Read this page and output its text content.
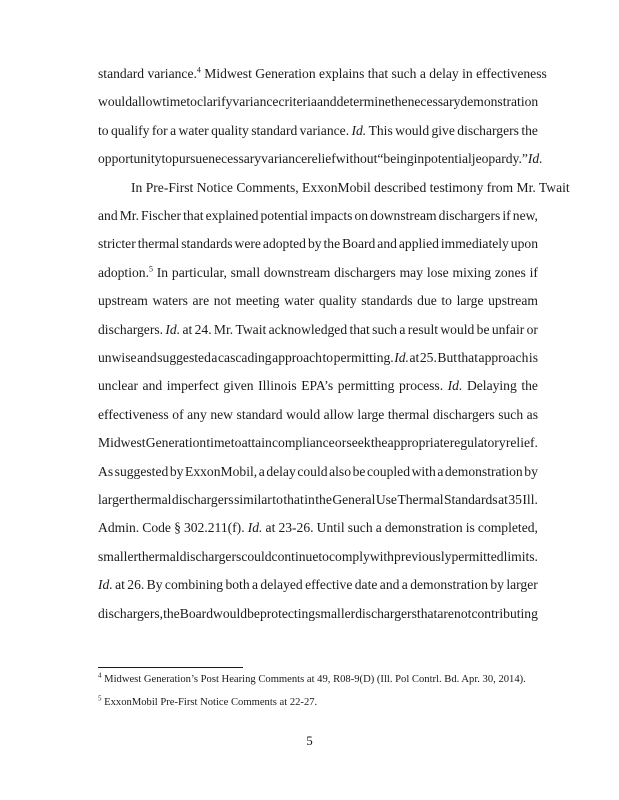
standard variance.$^4$ Midwest Generation explains that such a delay in effectiveness
would allow time to clarify variance criteria and determine the necessary demonstration
to qualify for a water quality standard variance. Id. This would give dischargers the
opportunity to pursue necessary variance relief without “being in potential jeopardy.” Id.
In Pre-First Notice Comments, ExxonMobil described testimony from Mr. Twait
and Mr. Fischer that explained potential impacts on downstream dischargers if new,
stricter thermal standards were adopted by the Board and applied immediately upon
adoption.$^5$ In particular, small downstream dischargers may lose mixing zones if
upstream waters are not meeting water quality standards due to large upstream
dischargers. Id. at 24. Mr. Twait acknowledged that such a result would be unfair or
unwise and suggested a cascading approach to permitting. Id. at 25. But that approach is
unclear and imperfect given Illinois EPA’s permitting process. Id. Delaying the
effectiveness of any new standard would allow large thermal dischargers such as
Midwest Generation time to attain compliance or seek the appropriate regulatory relief.
As suggested by ExxonMobil, a delay could also be coupled with a demonstration by
larger thermal dischargers similar to that in the General Use Thermal Standards at 35 Ill.
Admin. Code § 302.211(f). Id. at 23-26. Until such a demonstration is completed,
smaller thermal dischargers could continue to comply with previously permitted limits.
Id. at 26. By combining both a delayed effective date and a demonstration by larger
dischargers, the Board would be protecting smaller dischargers that are not contributing
$^4$ Midwest Generation’s Post Hearing Comments at 49, R08-9(D) (Ill. Pol Contrl. Bd. Apr. 30, 2014).
$^5$ ExxonMobil Pre-First Notice Comments at 22-27.
5
